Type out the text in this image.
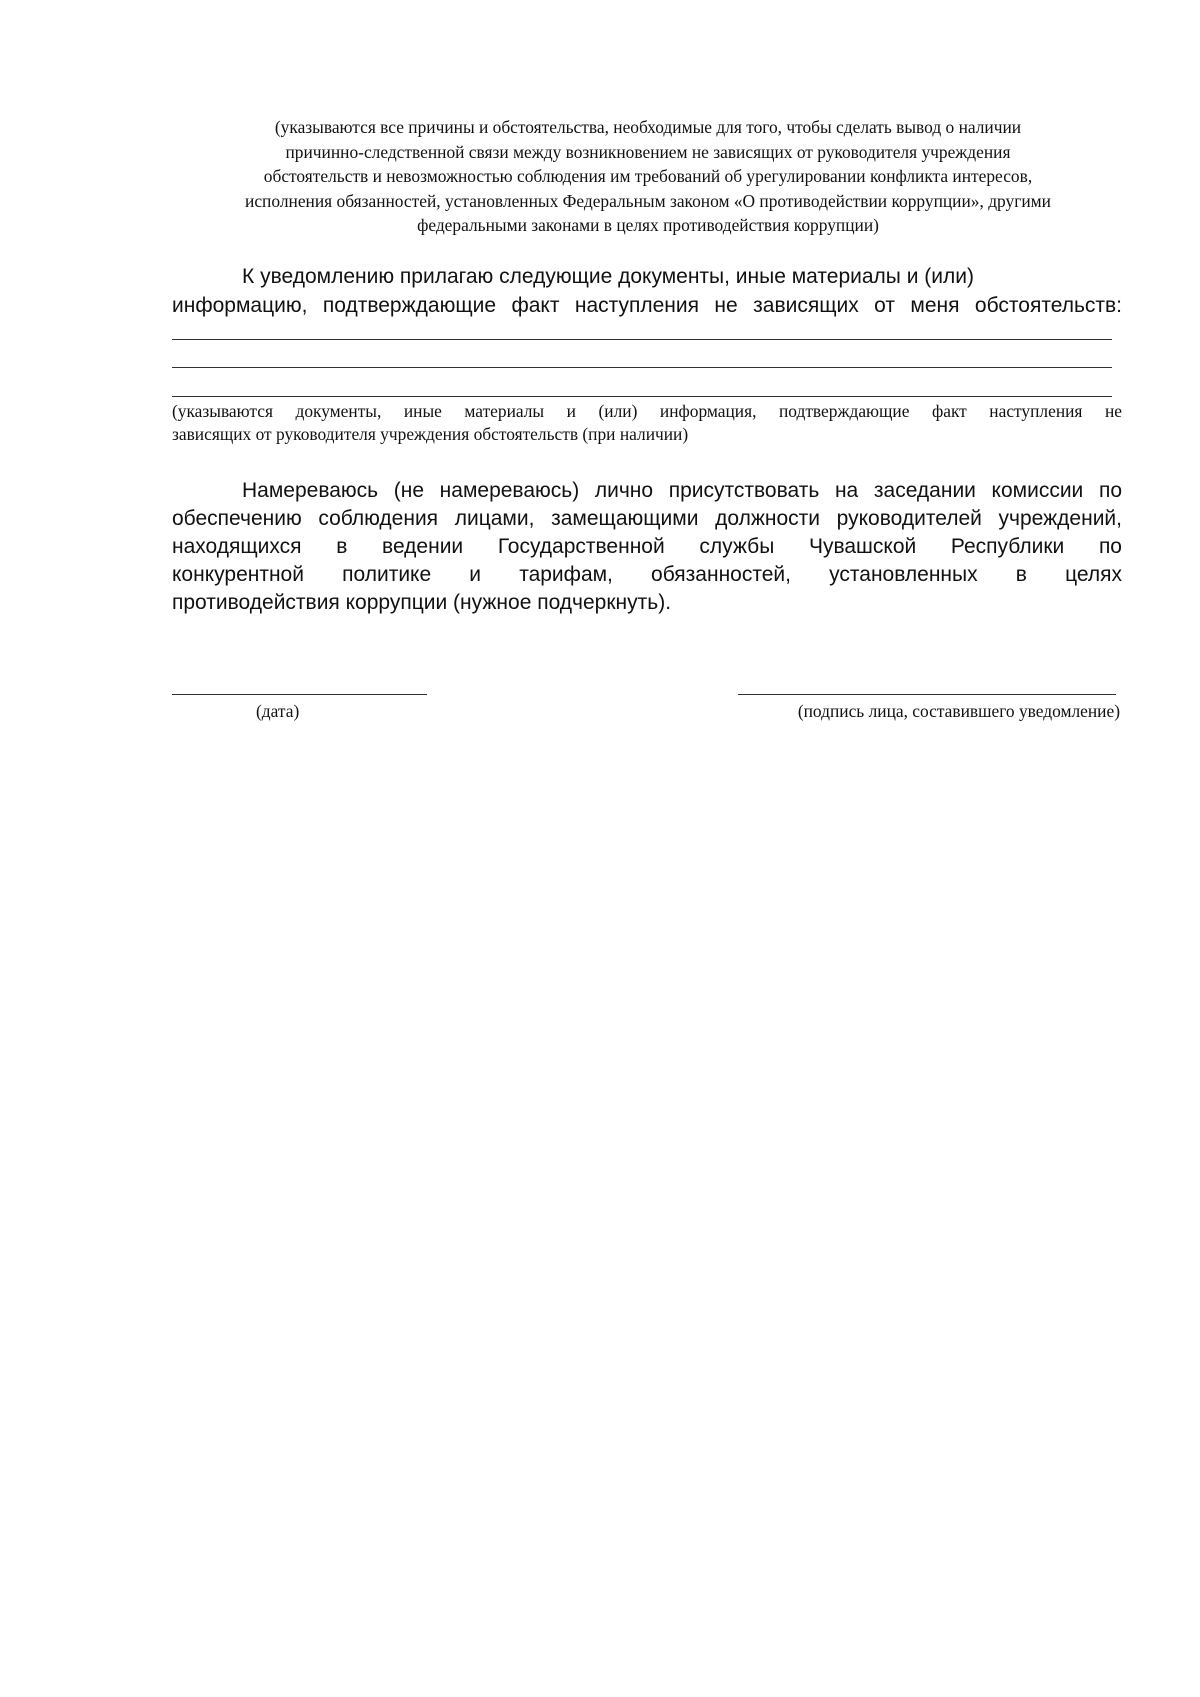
(указываются все причины и обстоятельства, необходимые для того, чтобы сделать вывод о наличии
причинно-следственной связи между возникновением не зависящих от руководителя учреждения
обстоятельств и невозможностью соблюдения им требований об урегулировании конфликта интересов,
исполнения обязанностей, установленных Федеральным законом «О противодействии коррупции», другими
федеральными законами в целях противодействия коррупции)
К уведомлению прилагаю следующие документы, иные материалы и (или)
информацию, подтверждающие факт наступления не зависящих от меня обстоятельств:
(указываются документы, иные материалы и (или) информация, подтверждающие факт наступления не
зависящих от руководителя учреждения обстоятельств (при наличии)
Намереваюсь (не намереваюсь) лично присутствовать на заседании комиссии по
обеспечению соблюдения лицами, замещающими должности руководителей учреждений,
находящихся в ведении Государственной службы Чувашской Республики по
конкурентной политике и тарифам, обязанностей, установленных в целях
противодействия коррупции (нужное подчеркнуть).
(дата)	(подпись лица, составившего уведомление)
